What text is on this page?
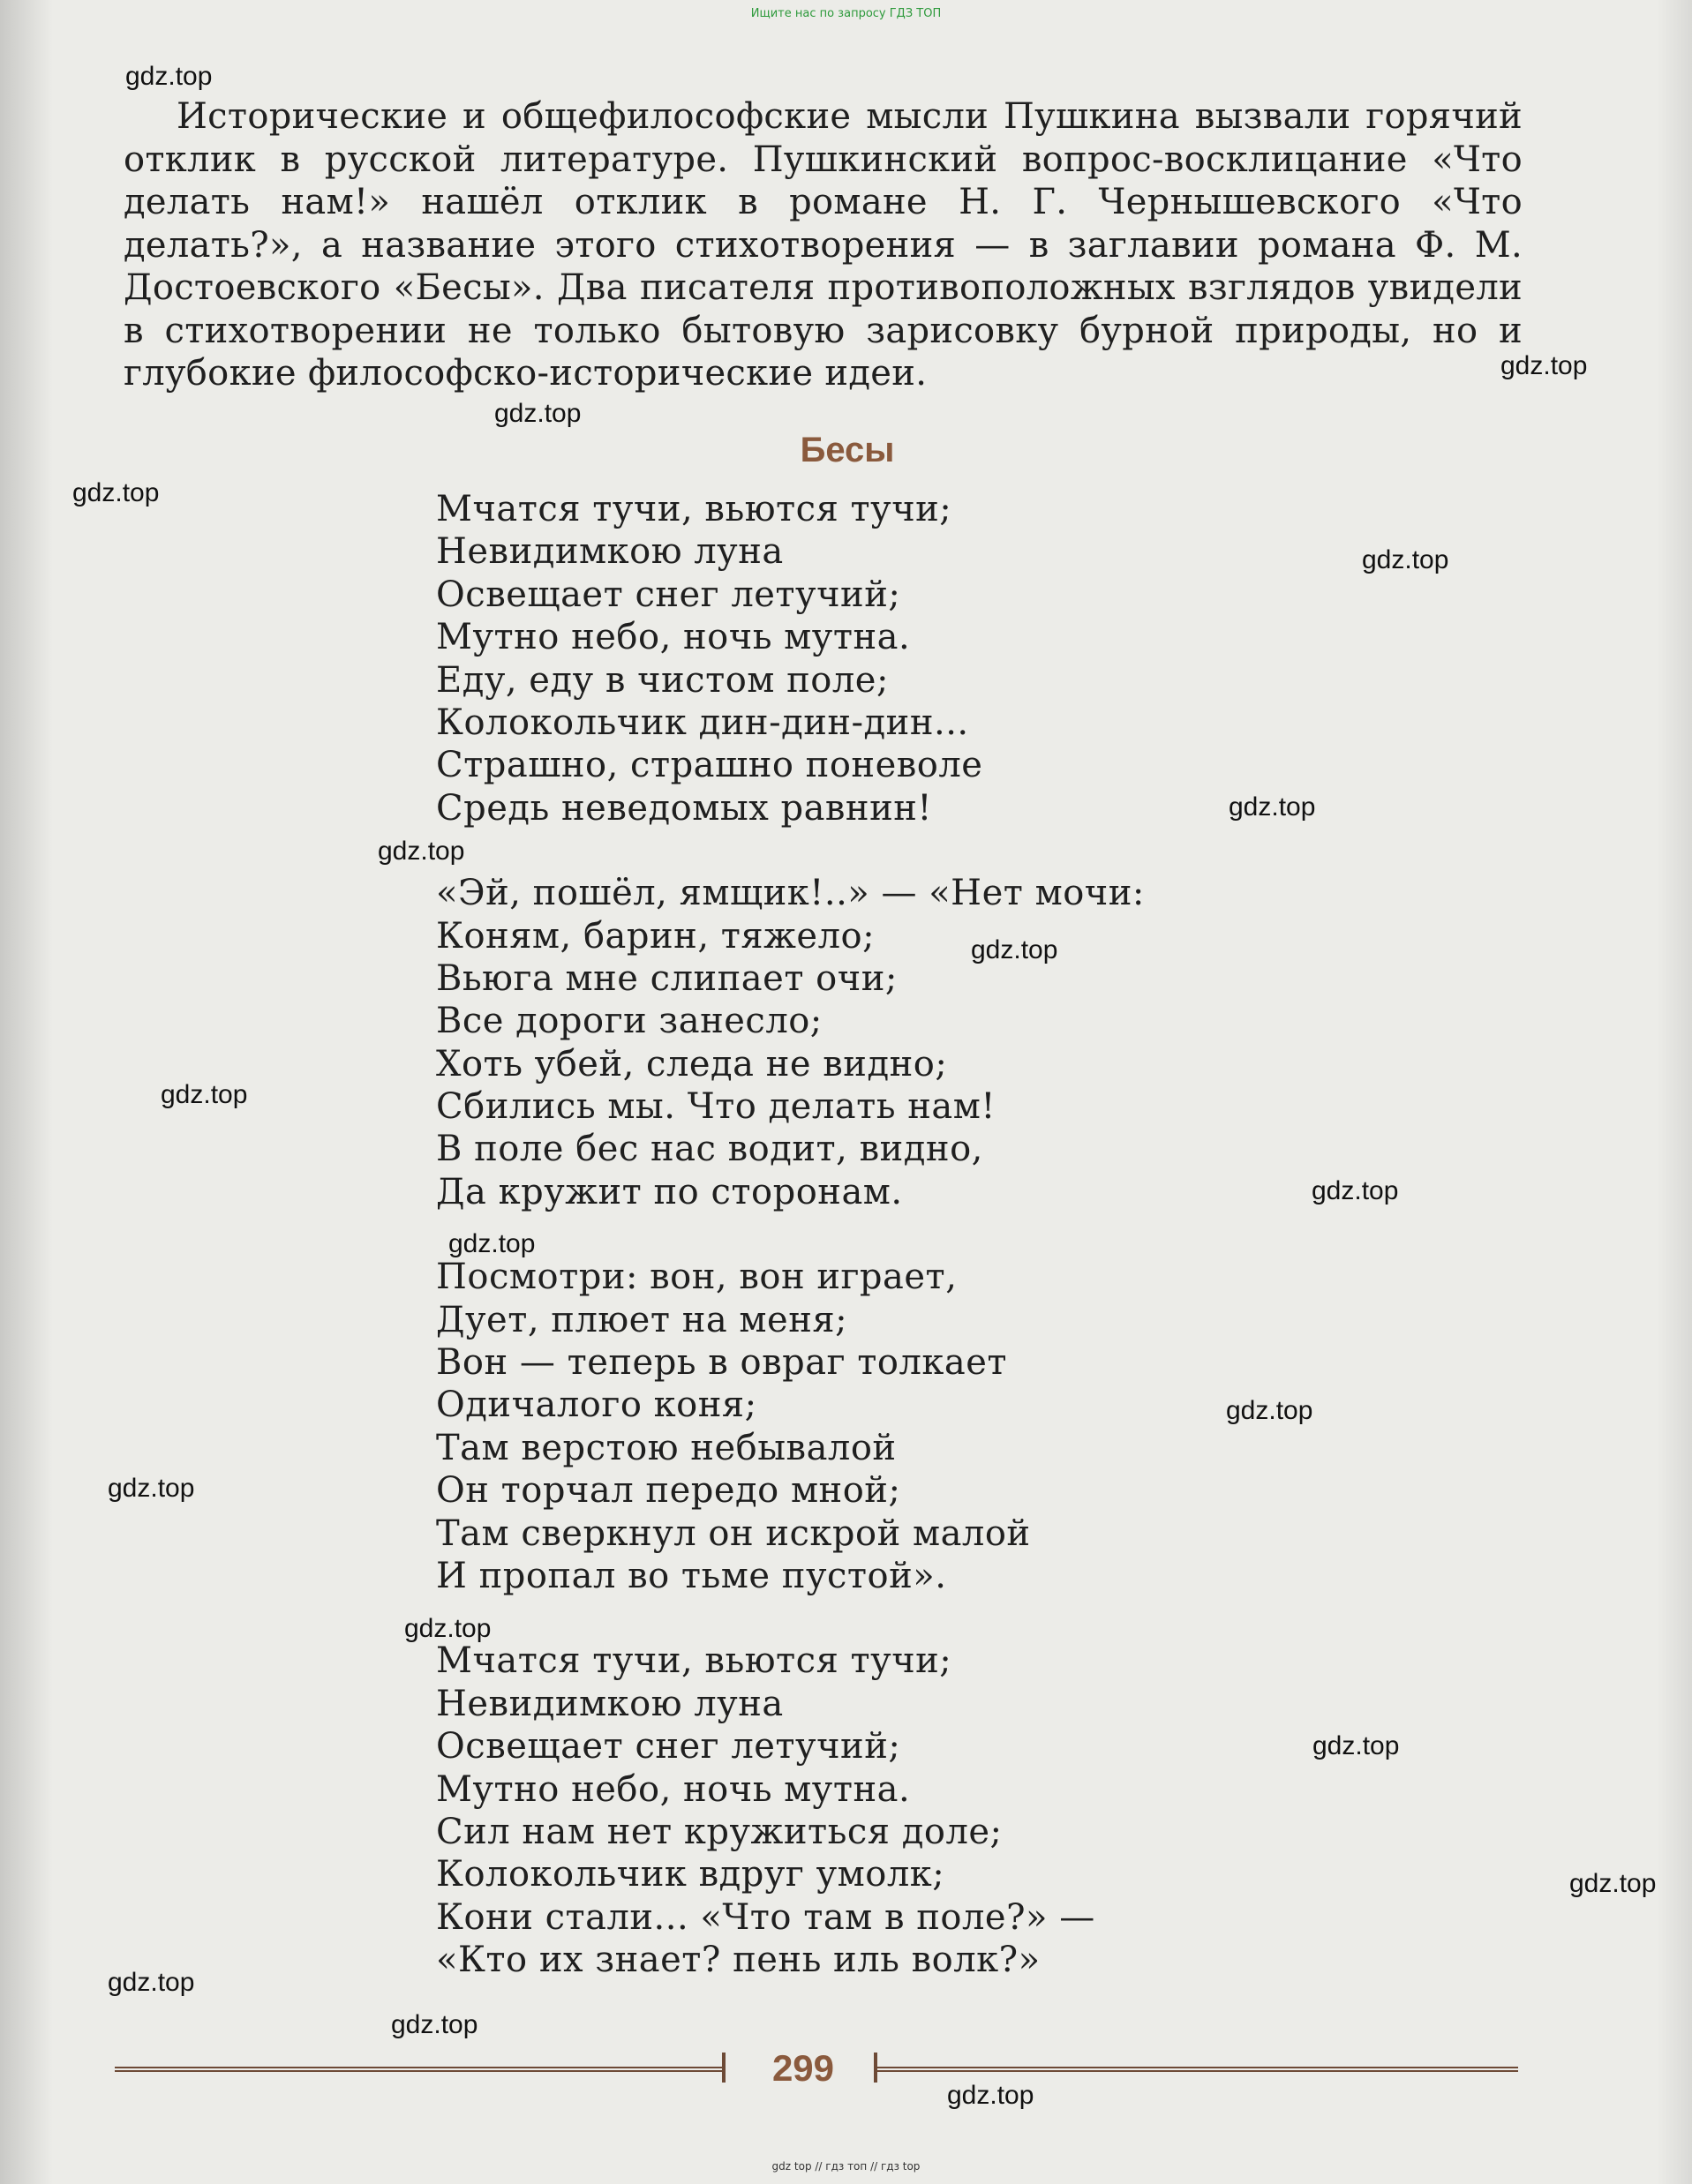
Ищите нас по запросу ГДЗ ТОП
gdz.top
gdz.top
gdz.top
gdz.top
gdz.top
gdz.top
gdz.top
gdz.top
gdz.top
gdz.top
gdz.top
gdz.top
gdz.top
gdz.top
gdz.top
gdz.top
gdz.top
gdz.top
gdz.top

Исторические и общефилософские мысли Пушкина вызвали горячий отклик в русской литературе. Пушкинский вопрос-восклицание «Что делать нам!» нашёл отклик в романе Н. Г. Чернышевского «Что делать?», а название этого стихотворения — в заглавии романа Ф. М. Достоевского «Бесы». Два писателя противоположных взглядов увидели в стихотворении не только бытовую зарисовку бурной природы, но и глубокие философско-исторические идеи.

Бесы
Мчатся тучи, вьются тучи;
Невидимкою луна
Освещает снег летучий;
Мутно небо, ночь мутна.
Еду, еду в чистом поле;
Колокольчик дин-дин-дин...
Страшно, страшно поневоле
Средь неведомых равнин!
«Эй, пошёл, ямщик!..» — «Нет мочи:
Коням, барин, тяжело;
Вьюга мне слипает очи;
Все дороги занесло;
Хоть убей, следа не видно;
Сбились мы. Что делать нам!
В поле бес нас водит, видно,
Да кружит по сторонам.
Посмотри: вон, вон играет,
Дует, плюет на меня;
Вон — теперь в овраг толкает
Одичалого коня;
Там верстою небывалой
Он торчал передо мной;
Там сверкнул он искрой малой
И пропал во тьме пустой».
Мчатся тучи, вьются тучи;
Невидимкою луна
Освещает снег летучий;
Мутно небо, ночь мутна.
Сил нам нет кружиться доле;
Колокольчик вдруг умолк;
Кони стали... «Что там в поле?» —
«Кто их знает? пень иль волк?»
299
gdz top // гдз топ // гдз top
